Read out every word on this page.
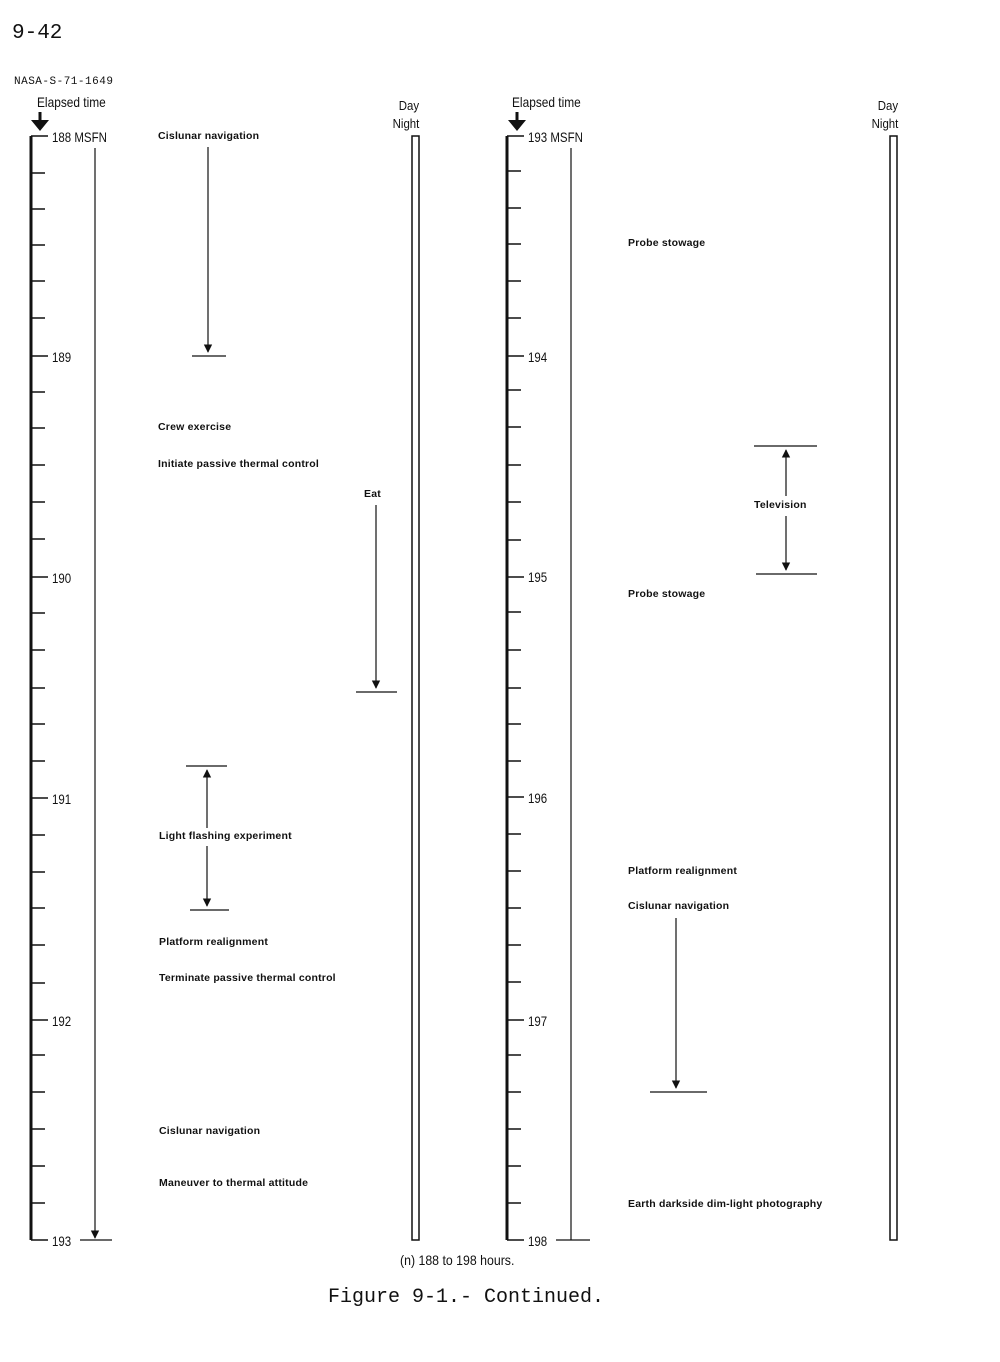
9-42
NASA-S-71-1649
Elapsed time
188 MSFN
189
190
191
192
193
Day
Night
Cislunar navigation
Crew exercise
Initiate passive thermal control
Eat
Light flashing experiment
Platform realignment
Terminate passive thermal control
Cislunar navigation
Maneuver to thermal attitude
Elapsed time
193 MSFN
194
195
196
197
198
Day
Night
Probe stowage
Television
Probe stowage
Platform realignment
Cislunar navigation
Earth darkside dim-light photography
(n) 188 to 198 hours.
Figure 9-1.- Continued.
